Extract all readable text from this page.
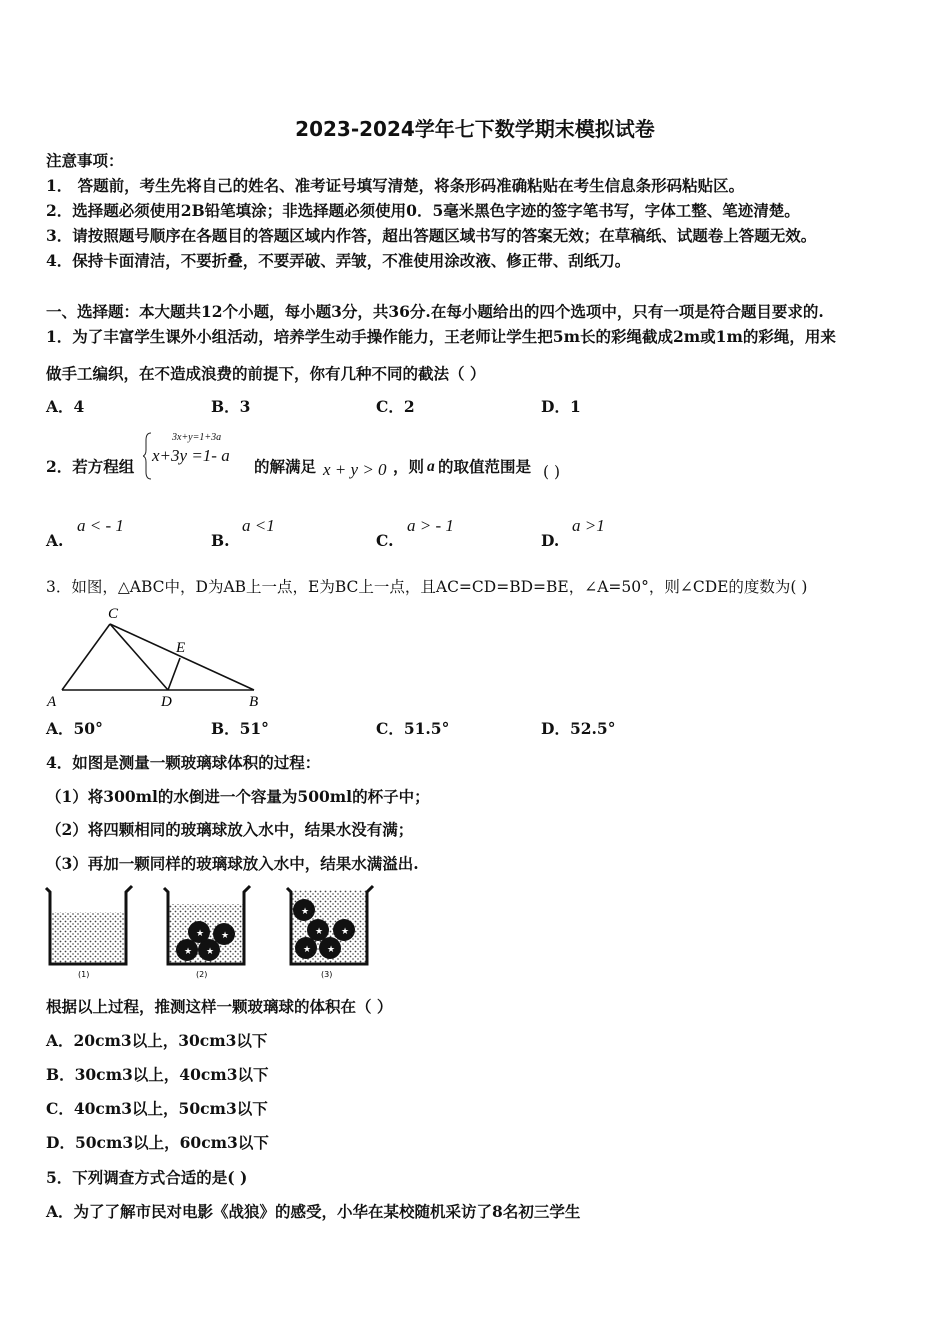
2023-2024学年七下数学期末模拟试卷
注意事项：
1． 答题前，考生先将自己的姓名、准考证号填写清楚，将条形码准确粘贴在考生信息条形码粘贴区。
2．选择题必须使用2B铅笔填涂；非选择题必须使用0．5毫米黑色字迹的签字笔书写，字体工整、笔迹清楚。
3．请按照题号顺序在各题目的答题区域内作答，超出答题区域书写的答案无效；在草稿纸、试题卷上答题无效。
4．保持卡面清洁，不要折叠，不要弄破、弄皱，不准使用涂改液、修正带、刮纸刀。
一、选择题：本大题共12个小题，每小题3分，共36分.在每小题给出的四个选项中，只有一项是符合题目要求的.
1．为了丰富学生课外小组活动，培养学生动手操作能力，王老师让学生把5m长的彩绳截成2m或1m的彩绳，用来
做手工编织，在不造成浪费的前提下，你有几种不同的截法（ ）
A．4	B．3	C．2	D．1
2．若方程组
3x+y=1+3a
x+3y =1- a
的解满足 x + y > 0 ，则 a 的取值范围是 ( )
A.
a < - 1
B.
a <1
C.
a > - 1
D.
a >1
3．如图，△ABC中，D为AB上一点，E为BC上一点，且AC=CD=BD=BE，∠A=50°，则∠CDE的度数为( )
C
E
A	D	B
A．50°	B．51°	C．51.5°	D．52.5°
4．如图是测量一颗玻璃球体积的过程：
（1）将300ml的水倒进一个容量为500ml的杯子中；
（2）将四颗相同的玻璃球放入水中，结果水没有满；
（3）再加一颗同样的玻璃球放入水中，结果水满溢出.
★ ★
★ ★
★ ★
★ ★
★
(1)	(2)	(3)
根据以上过程，推测这样一颗玻璃球的体积在（ ）
A．20cm3以上，30cm3以下
B．30cm3以上，40cm3以下
C．40cm3以上，50cm3以下
D．50cm3以上，60cm3以下
5．下列调查方式合适的是( )
A．为了了解市民对电影《战狼》的感受，小华在某校随机采访了8名初三学生
